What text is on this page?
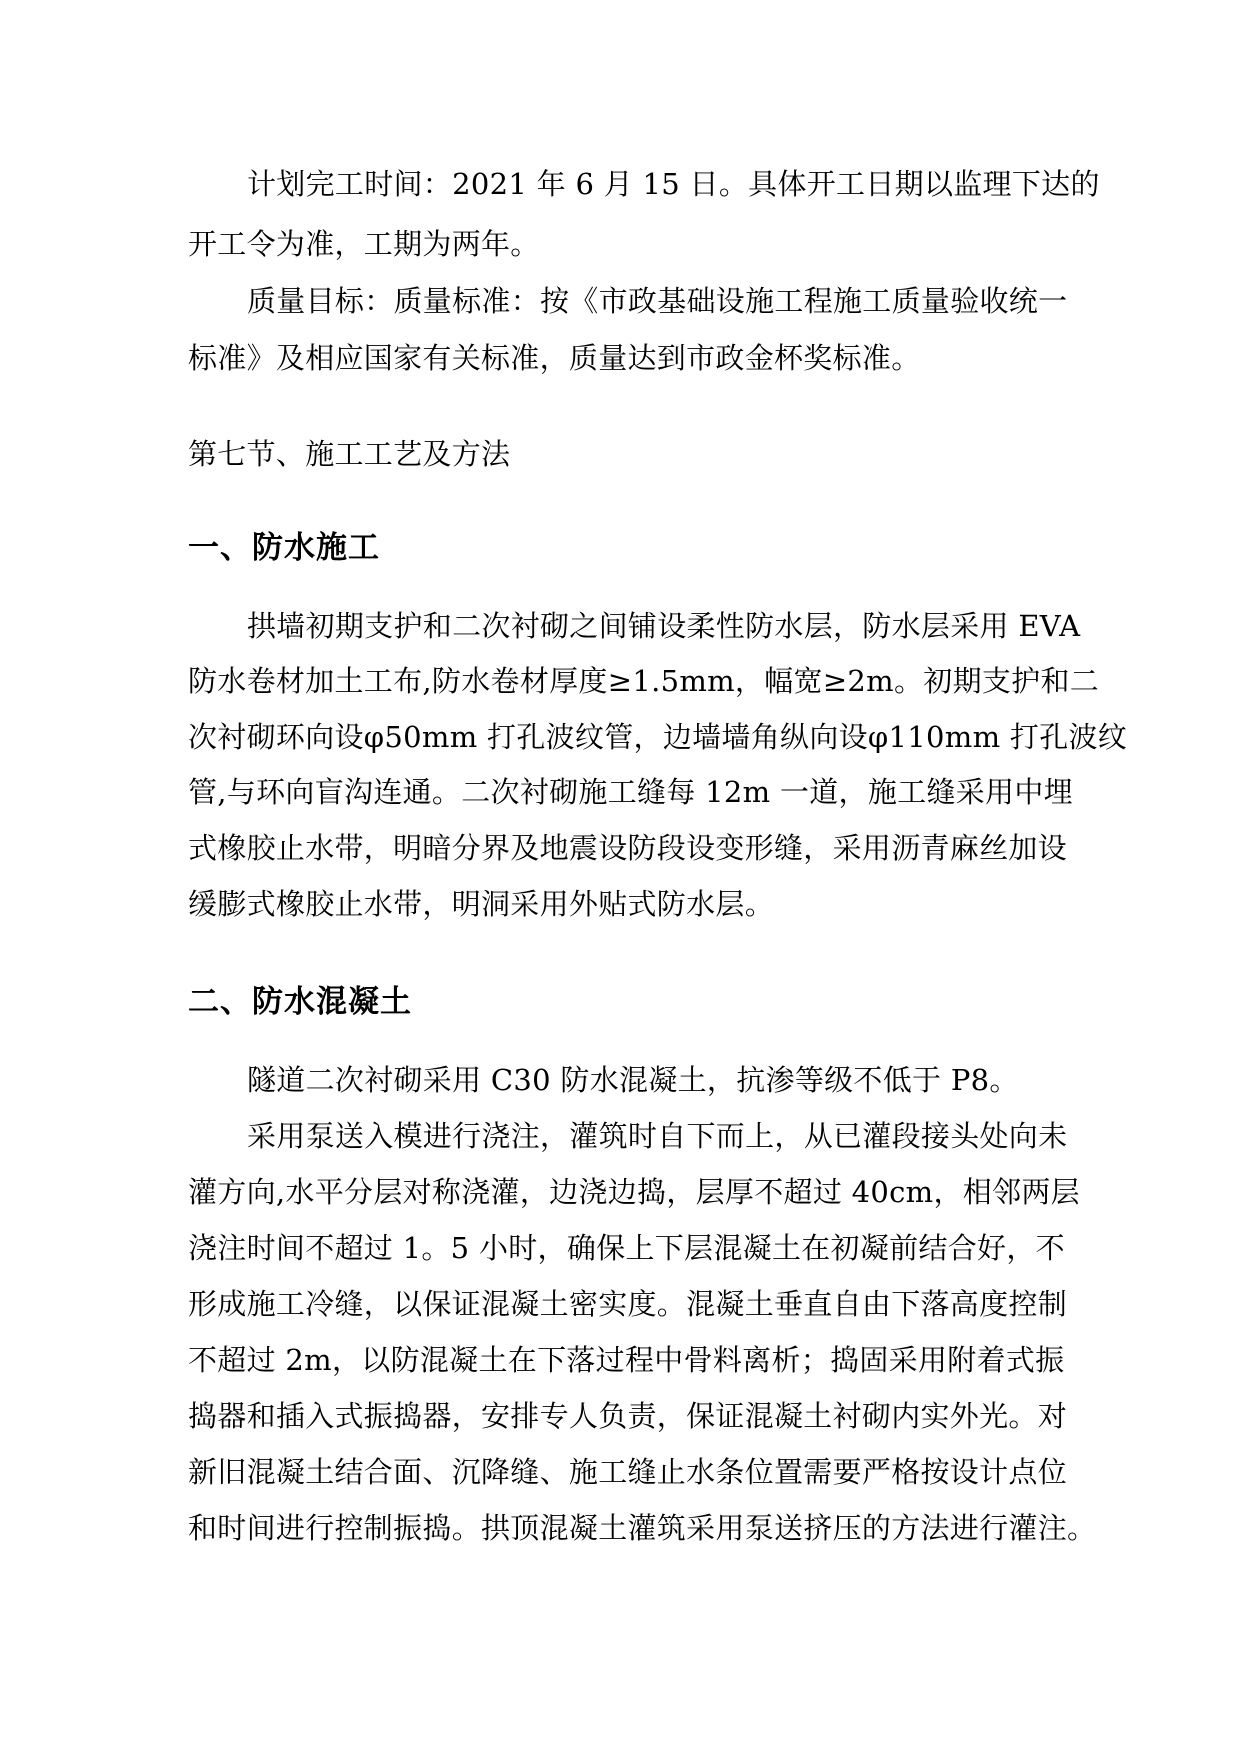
计划完工时间：2021 年 6 月 15 日。具体开工日期以监理下达的
开工令为准，工期为两年。
质量目标：质量标准：按《市政基础设施工程施工质量验收统一
标准》及相应国家有关标准，质量达到市政金杯奖标准。
第七节、施工工艺及方法
一、防水施工
拱墙初期支护和二次衬砌之间铺设柔性防水层，防水层采用 EVA
防水卷材加土工布,防水卷材厚度≥1.5mm，幅宽≥2m。初期支护和二
次衬砌环向设φ50mm 打孔波纹管，边墙墙角纵向设φ110mm 打孔波纹
管,与环向盲沟连通。二次衬砌施工缝每 12m 一道，施工缝采用中埋
式橡胶止水带，明暗分界及地震设防段设变形缝，采用沥青麻丝加设
缓膨式橡胶止水带，明洞采用外贴式防水层。
二、防水混凝土
隧道二次衬砌采用 C30 防水混凝土，抗渗等级不低于 P8。
采用泵送入模进行浇注，灌筑时自下而上，从已灌段接头处向未
灌方向,水平分层对称浇灌，边浇边捣，层厚不超过 40cm，相邻两层
浇注时间不超过 1。5 小时，确保上下层混凝土在初凝前结合好，不
形成施工冷缝，以保证混凝土密实度。混凝土垂直自由下落高度控制
不超过 2m，以防混凝土在下落过程中骨料离析；捣固采用附着式振
捣器和插入式振捣器，安排专人负责，保证混凝土衬砌内实外光。对
新旧混凝土结合面、沉降缝、施工缝止水条位置需要严格按设计点位
和时间进行控制振捣。拱顶混凝土灌筑采用泵送挤压的方法进行灌注。
